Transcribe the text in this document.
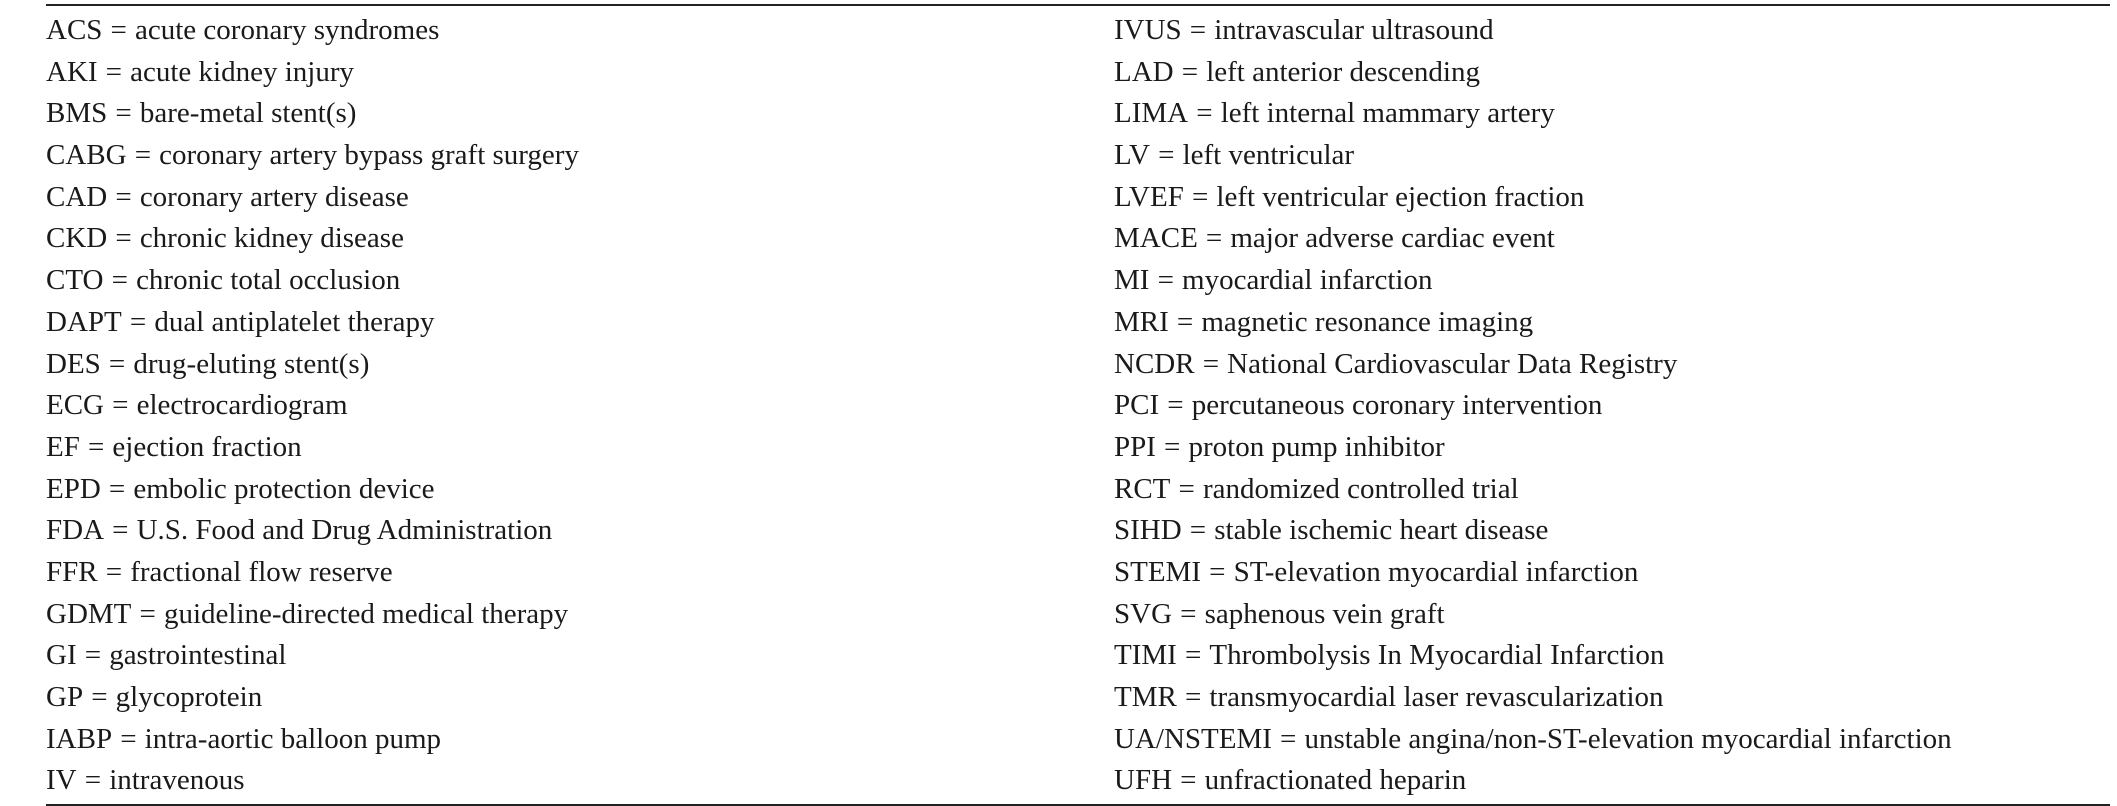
ACS = acute coronary syndromes
AKI = acute kidney injury
BMS = bare-metal stent(s)
CABG = coronary artery bypass graft surgery
CAD = coronary artery disease
CKD = chronic kidney disease
CTO = chronic total occlusion
DAPT = dual antiplatelet therapy
DES = drug-eluting stent(s)
ECG = electrocardiogram
EF = ejection fraction
EPD = embolic protection device
FDA = U.S. Food and Drug Administration
FFR = fractional flow reserve
GDMT = guideline-directed medical therapy
GI = gastrointestinal
GP = glycoprotein
IABP = intra-aortic balloon pump
IV = intravenous
IVUS = intravascular ultrasound
LAD = left anterior descending
LIMA = left internal mammary artery
LV = left ventricular
LVEF = left ventricular ejection fraction
MACE = major adverse cardiac event
MI = myocardial infarction
MRI = magnetic resonance imaging
NCDR = National Cardiovascular Data Registry
PCI = percutaneous coronary intervention
PPI = proton pump inhibitor
RCT = randomized controlled trial
SIHD = stable ischemic heart disease
STEMI = ST-elevation myocardial infarction
SVG = saphenous vein graft
TIMI = Thrombolysis In Myocardial Infarction
TMR = transmyocardial laser revascularization
UA/NSTEMI = unstable angina/non-ST-elevation myocardial infarction
UFH = unfractionated heparin
